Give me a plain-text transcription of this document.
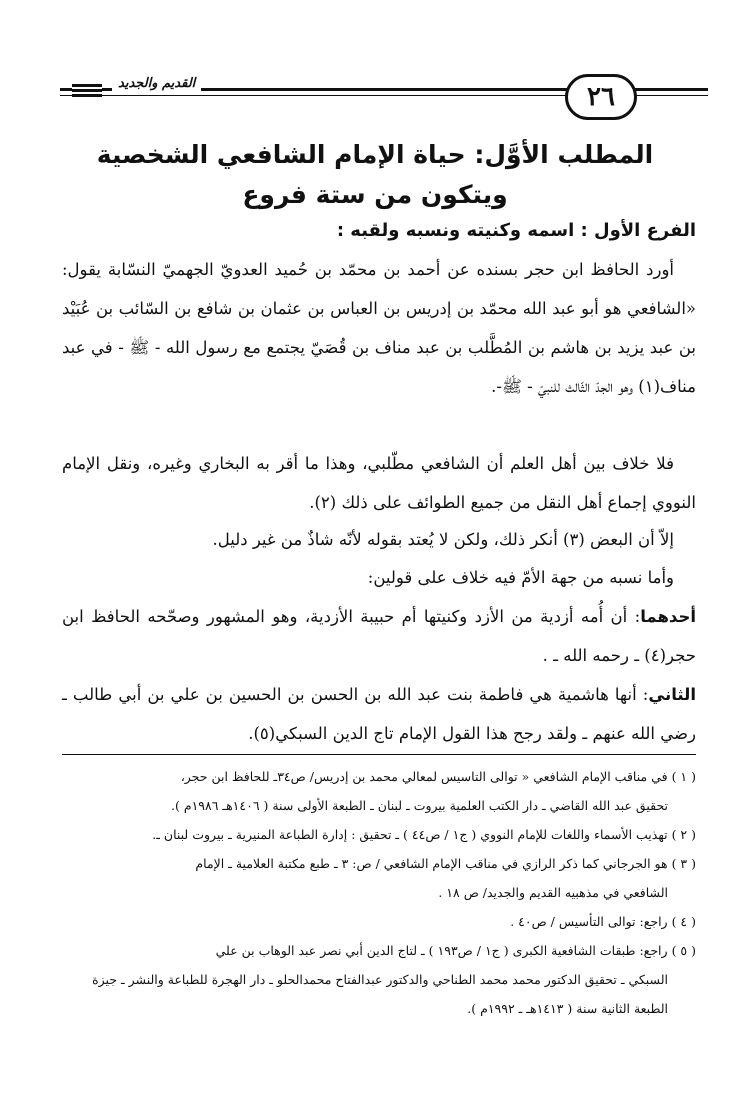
القديم والجديد	٢٦
المطلب الأوَّل: حياة الإمام الشافعي الشخصية
ويتكون من ستة فروع
الفرع الأول : اسمه وكنيته ونسبه ولقبه :

أورد الحافظ ابن حجر بسنده عن أحمد بن محمّد بن حُميد العدويّ الجهميّ النسّابة يقول: «الشافعي هو أبو عبد الله محمّد بن إدريس بن العباس بن عثمان بن شافع بن السّائب بن عُبَيْد بن عبد يزيد بن هاشم بن المُطَّلب بن عبد مناف بن قُصَيّ يجتمع مع رسول الله - ﷺ - في عبد مناف(١) وهو الجدّ الثّالث للنبيّ - ﷺ-.

فلا خلاف بين أهل العلم أن الشافعي مطّلبي، وهذا ما أقر به البخاري وغيره، ونقل الإمام النووي إجماع أهل النقل من جميع الطوائف على ذلك (٢).

إلاّ أن البعض (٣) أنكر ذلك، ولكن لا يُعتد بقوله لأنّه شاذٌ من غير دليل.

وأما نسبه من جهة الأمّ فيه خلاف على قولين:

أحدهما: أن أُمه أزدية من الأزد وكنيتها أم حبيبة الأزدية، وهو المشهور وصحّحه الحافظ ابن حجر(٤) ـ رحمه الله ـ .

الثاني: أنها هاشمية هي فاطمة بنت عبد الله بن الحسن بن الحسين بن علي بن أبي طالب ـ رضي الله عنهم ـ ولقد رجح هذا القول الإمام تاج الدين السبكي(٥).

( ١ ) في مناقب الإمام الشافعي « توالى التاسيس لمعالي محمد بن إدريس/ ص٣٤ـ للحافظ ابن حجر،
تحقيق عبد الله القاضي ـ دار الكتب العلمية بيروت ـ لبنان ـ الطبعة الأولى سنة ( ١٤٠٦هـ ١٩٨٦م ).

( ٢ ) تهذيب الأسماء واللغات للإمام النووي ( ج١ / ص٤٤ ) ـ تحقيق : إدارة الطباعة المنيرية ـ بيروت لبنان ـ.

( ٣ ) هو الجرجاني كما ذكر الرازي في مناقب الإمام الشافعي / ص: ٣ ـ طبع مكتبة العلامية ـ الإمام
الشافعي في مذهبيه القديم والجديد/ ص ١٨ .

( ٤ ) راجع: توالى التأسيس / ص٤٠ .

( ٥ ) راجع: طبقات الشافعية الكبرى ( ج١ / ص١٩٣ ) ـ لتاج الدين أبي نصر عبد الوهاب بن علي
السبكي ـ تحقيق الدكتور محمد محمد الطناحي والدكتور عبدالفتاح محمدالحلو ـ دار الهجرة للطباعة والنشر ـ جيزة الطبعة الثانية سنة ( ١٤١٣هـ ـ ١٩٩٢م ).
